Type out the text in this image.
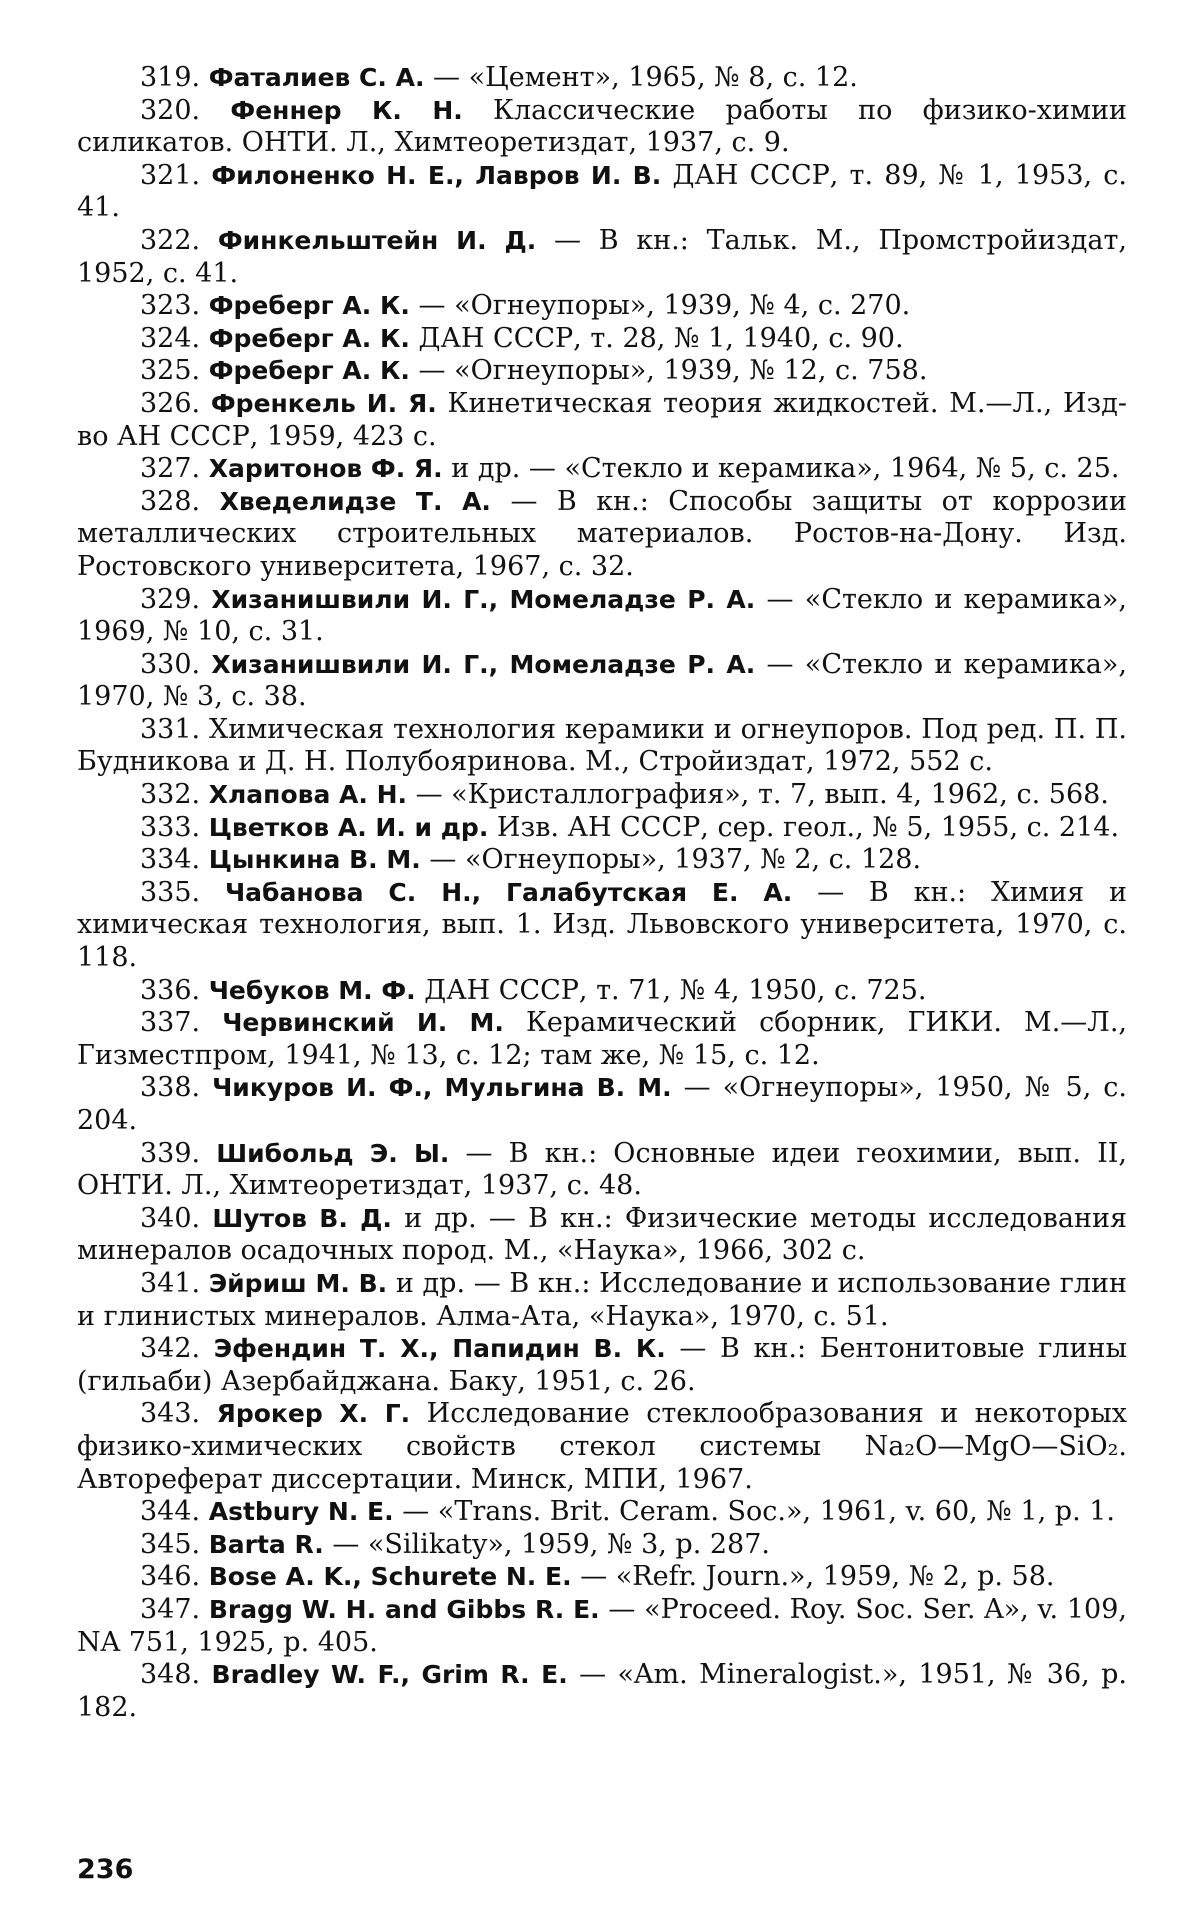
319. Фаталиев С. А. — «Цемент», 1965, № 8, с. 12.

320. Феннер К. Н. Классические работы по физико-химии силикатов. ОНТИ. Л., Химтеоретиздат, 1937, с. 9.

321. Филоненко Н. Е., Лавров И. В. ДАН СССР, т. 89, № 1, 1953, с. 41.

322. Финкельштейн И. Д. — В кн.: Тальк. М., Промстройиздат, 1952, с. 41.

323. Фреберг А. К. — «Огнеупоры», 1939, № 4, с. 270.

324. Фреберг А. К. ДАН СССР, т. 28, № 1, 1940, с. 90.

325. Фреберг А. К. — «Огнеупоры», 1939, № 12, с. 758.

326. Френкель И. Я. Кинетическая теория жидкостей. М.—Л., Изд-во АН СССР, 1959, 423 с.

327. Харитонов Ф. Я. и др. — «Стекло и керамика», 1964, № 5, с. 25.

328. Хведелидзе Т. А. — В кн.: Способы защиты от коррозии металлических строительных материалов. Ростов-на-Дону. Изд. Ростовского университета, 1967, с. 32.

329. Хизанишвили И. Г., Момеладзе Р. А. — «Стекло и керамика», 1969, № 10, с. 31.

330. Хизанишвили И. Г., Момеладзе Р. А. — «Стекло и керамика», 1970, № 3, с. 38.

331. Химическая технология керамики и огнеупоров. Под ред. П. П. Будникова и Д. Н. Полубояринова. М., Стройиздат, 1972, 552 с.

332. Хлапова А. Н. — «Кристаллография», т. 7, вып. 4, 1962, с. 568.

333. Цветков А. И. и др. Изв. АН СССР, сер. геол., № 5, 1955, с. 214.

334. Цынкина В. М. — «Огнеупоры», 1937, № 2, с. 128.

335. Чабанова С. Н., Галабутская Е. А. — В кн.: Химия и химическая технология, вып. 1. Изд. Львовского университета, 1970, с. 118.

336. Чебуков М. Ф. ДАН СССР, т. 71, № 4, 1950, с. 725.

337. Червинский И. М. Керамический сборник, ГИКИ. М.—Л., Гизместпром, 1941, № 13, с. 12; там же, № 15, с. 12.

338. Чикуров И. Ф., Мульгина В. М. — «Огнеупоры», 1950, № 5, с. 204.

339. Шибольд Э. Ы. — В кн.: Основные идеи геохимии, вып. II, ОНТИ. Л., Химтеоретиздат, 1937, с. 48.

340. Шутов В. Д. и др. — В кн.: Физические методы исследования минералов осадочных пород. М., «Наука», 1966, 302 с.

341. Эйриш М. В. и др. — В кн.: Исследование и использование глин и глинистых минералов. Алма-Ата, «Наука», 1970, с. 51.

342. Эфендин Т. Х., Папидин В. К. — В кн.: Бентонитовые глины (гильаби) Азербайджана. Баку, 1951, с. 26.

343. Ярокер Х. Г. Исследование стеклообразования и некоторых физико-химических свойств стекол системы Na₂O—MgO—SiO₂. Автореферат диссертации. Минск, МПИ, 1967.

344. Astbury N. E. — «Trans. Brit. Ceram. Soc.», 1961, v. 60, № 1, p. 1.

345. Barta R. — «Silikaty», 1959, № 3, p. 287.

346. Bose A. K., Schurete N. E. — «Refr. Journ.», 1959, № 2, p. 58.

347. Bragg W. H. and Gibbs R. E. — «Proceed. Roy. Soc. Ser. A», v. 109, NA 751, 1925, p. 405.

348. Bradley W. F., Grim R. E. — «Am. Mineralogist.», 1951, № 36, p. 182.

236
